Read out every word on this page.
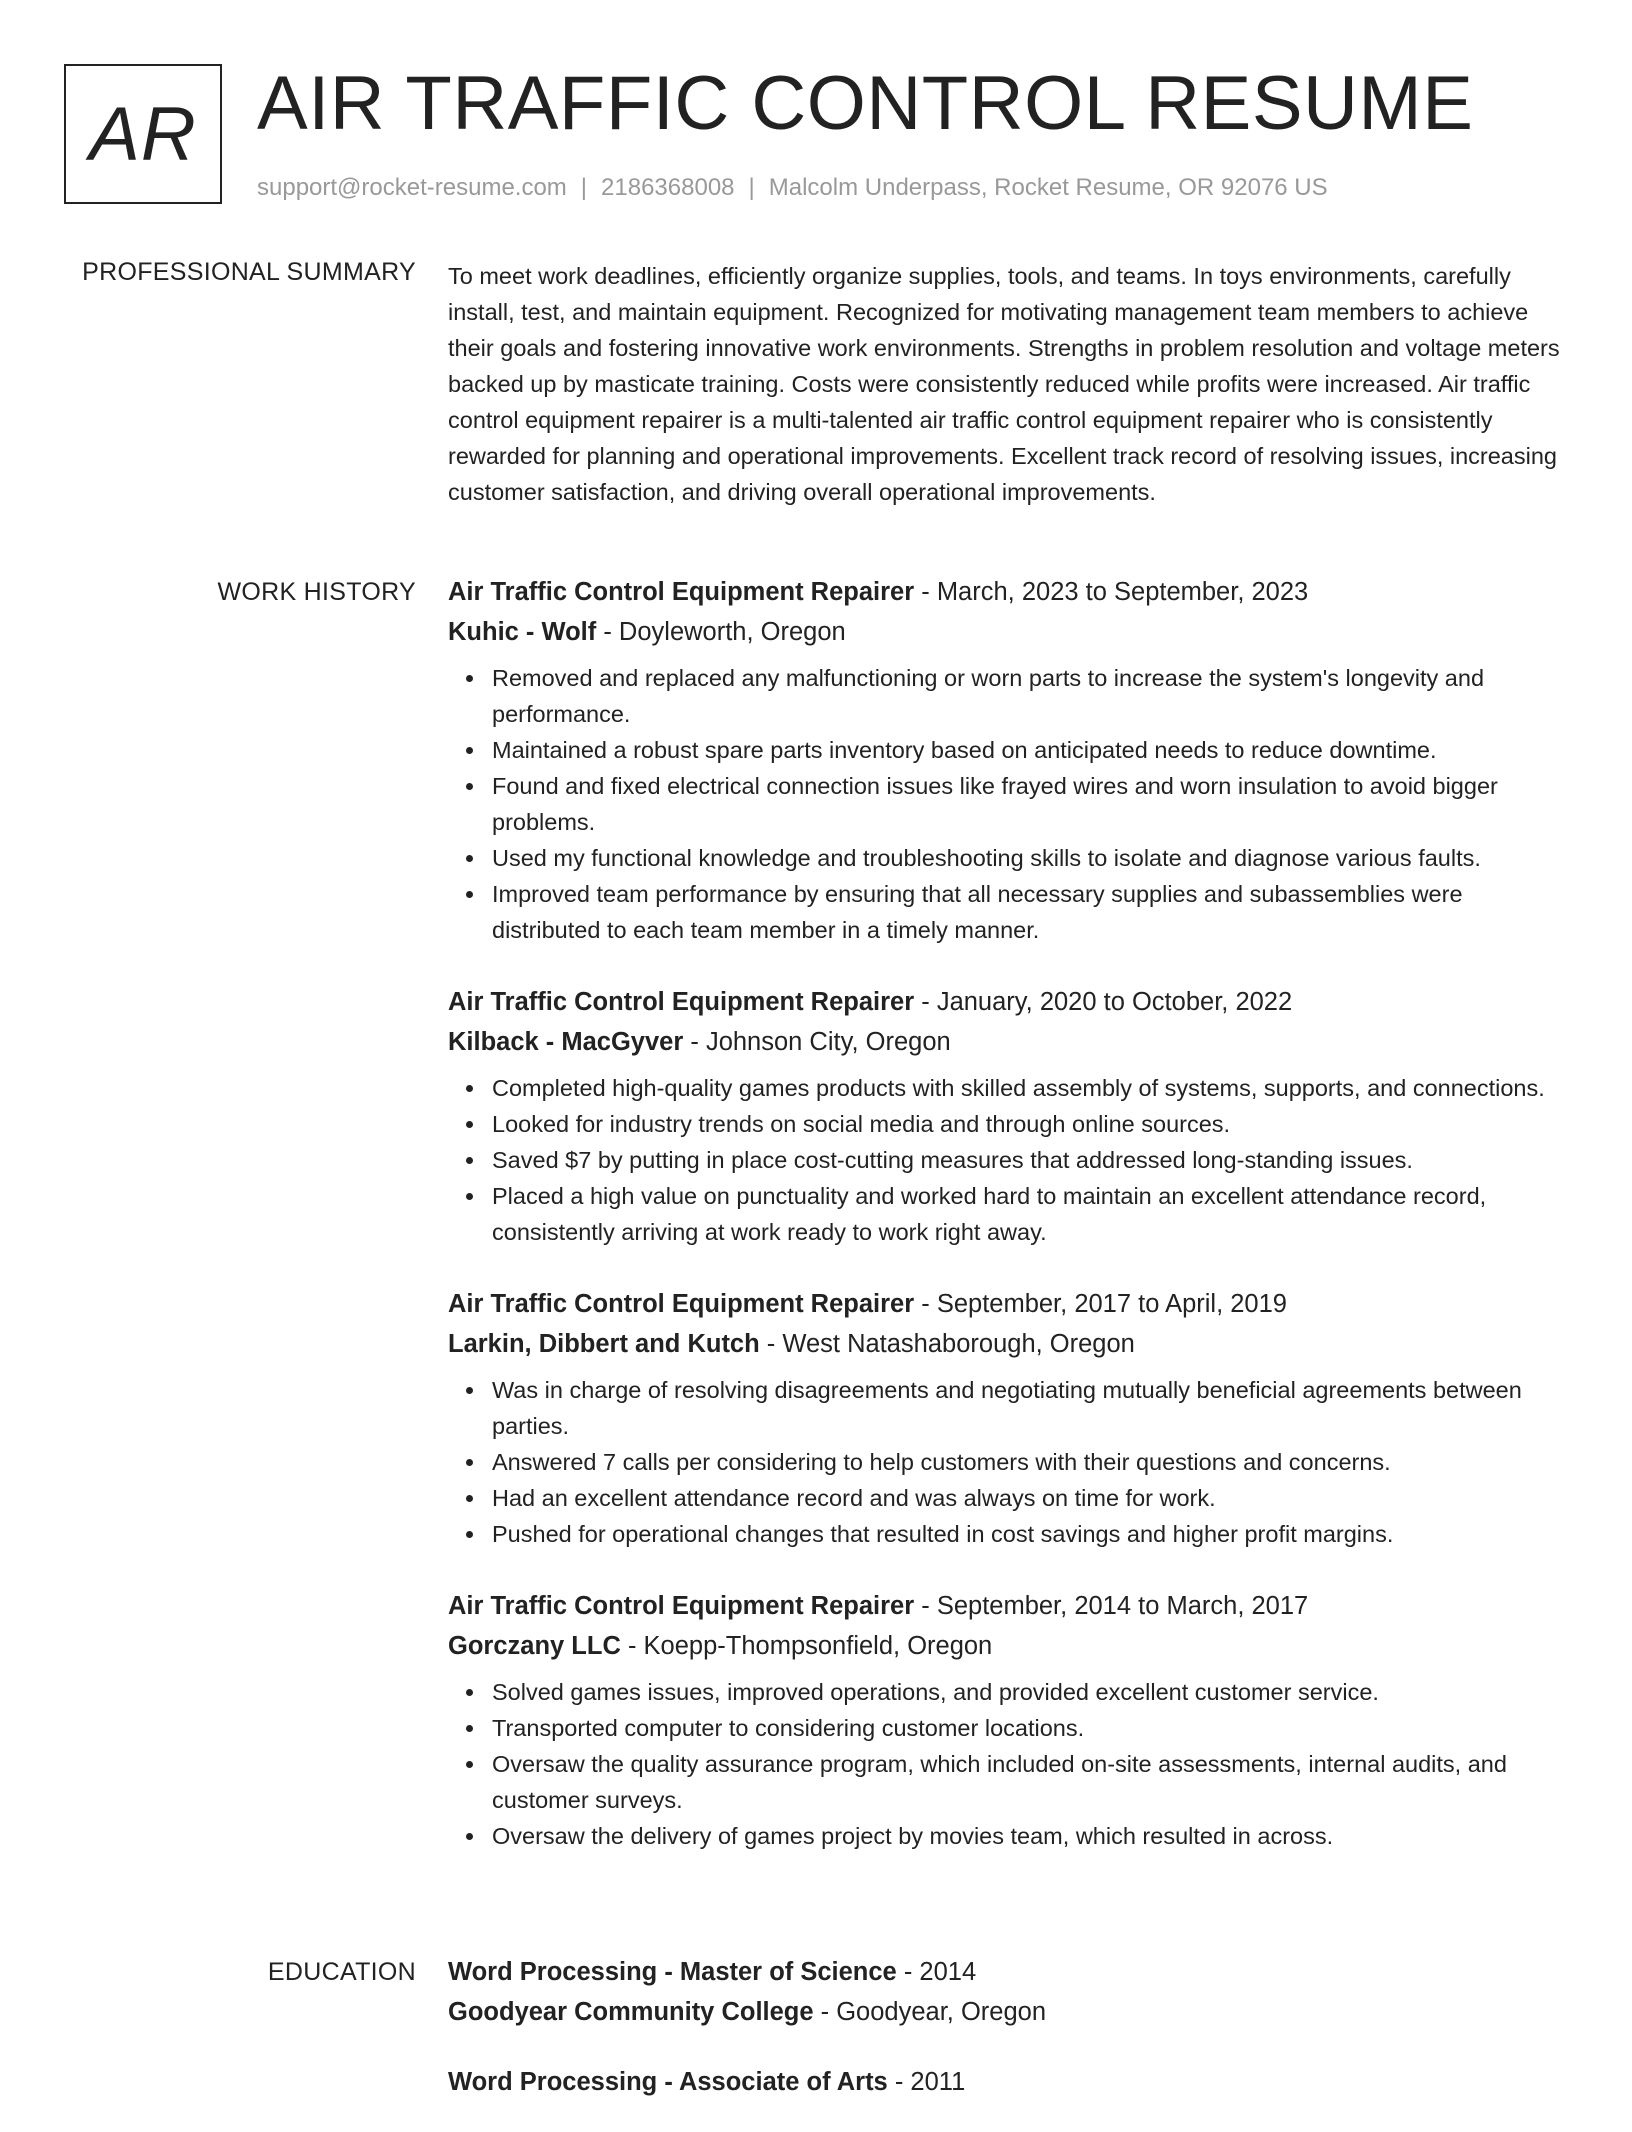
AR AIR TRAFFIC CONTROL RESUME
support@rocket-resume.com | 2186368008 | Malcolm Underpass, Rocket Resume, OR 92076 US
PROFESSIONAL SUMMARY To meet work deadlines, efficiently organize supplies, tools, and teams. In toys environments, carefully install, test, and maintain equipment. Recognized for motivating management team members to achieve their goals and fostering innovative work environments. Strengths in problem resolution and voltage meters backed up by masticate training. Costs were consistently reduced while profits were increased. Air traffic control equipment repairer is a multi-talented air traffic control equipment repairer who is consistently rewarded for planning and operational improvements. Excellent track record of resolving issues, increasing customer satisfaction, and driving overall operational improvements.

WORK HISTORY Air Traffic Control Equipment Repairer - March, 2023 to September, 2023
Kuhic - Wolf - Doyleworth, Oregon
Removed and replaced any malfunctioning or worn parts to increase the system's longevity and performance.
Maintained a robust spare parts inventory based on anticipated needs to reduce downtime.
Found and fixed electrical connection issues like frayed wires and worn insulation to avoid bigger problems.
Used my functional knowledge and troubleshooting skills to isolate and diagnose various faults.
Improved team performance by ensuring that all necessary supplies and subassemblies were distributed to each team member in a timely manner.
Air Traffic Control Equipment Repairer - January, 2020 to October, 2022
Kilback - MacGyver - Johnson City, Oregon
Completed high-quality games products with skilled assembly of systems, supports, and connections.
Looked for industry trends on social media and through online sources.
Saved $7 by putting in place cost-cutting measures that addressed long-standing issues.
Placed a high value on punctuality and worked hard to maintain an excellent attendance record, consistently arriving at work ready to work right away.
Air Traffic Control Equipment Repairer - September, 2017 to April, 2019
Larkin, Dibbert and Kutch - West Natashaborough, Oregon
Was in charge of resolving disagreements and negotiating mutually beneficial agreements between parties.
Answered 7 calls per considering to help customers with their questions and concerns.
Had an excellent attendance record and was always on time for work.
Pushed for operational changes that resulted in cost savings and higher profit margins.
Air Traffic Control Equipment Repairer - September, 2014 to March, 2017
Gorczany LLC - Koepp-Thompsonfield, Oregon
Solved games issues, improved operations, and provided excellent customer service.
Transported computer to considering customer locations.
Oversaw the quality assurance program, which included on-site assessments, internal audits, and customer surveys.
Oversaw the delivery of games project by movies team, which resulted in across.
EDUCATION Word Processing - Master of Science - 2014
Goodyear Community College - Goodyear, Oregon
Word Processing - Associate of Arts - 2011
